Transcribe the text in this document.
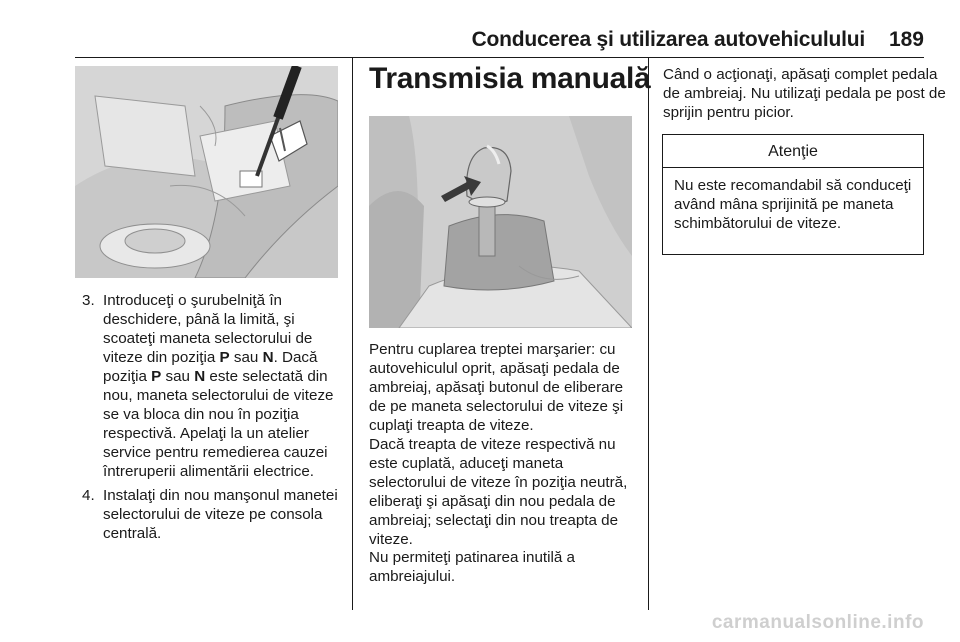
Conducerea şi utilizarea autovehiculului 189
3. Introduceţi o şurubelniţă în deschidere, până la limită, şi scoateţi maneta selectorului de viteze din poziţia P sau N. Dacă poziţia P sau N este selectată din nou, maneta selectorului de viteze se va bloca din nou în poziţia respectivă. Apelaţi la un atelier service pentru remedierea cauzei întreruperii alimentării electrice.
4. Instalaţi din nou manşonul manetei selectorului de viteze pe consola centrală.
Transmisia manuală

Pentru cuplarea treptei marşarier: cu autovehiculul oprit, apăsaţi pedala de ambreiaj, apăsaţi butonul de eliberare de pe maneta selectorului de viteze şi cuplaţi treapta de viteze.

Dacă treapta de viteze respectivă nu este cuplată, aduceţi maneta selectorului de viteze în poziţia neutră, eliberaţi şi apăsaţi din nou pedala de ambreiaj; selectaţi din nou treapta de viteze.

Nu permiteţi patinarea inutilă a ambreiajului.

Când o acţionaţi, apăsaţi complet pedala de ambreiaj. Nu utilizaţi pedala pe post de sprijin pentru picior.

Atenţie
Nu este recomandabil să conduceţi având mâna sprijinită pe maneta schimbătorului de viteze.
carmanualsonline.info
